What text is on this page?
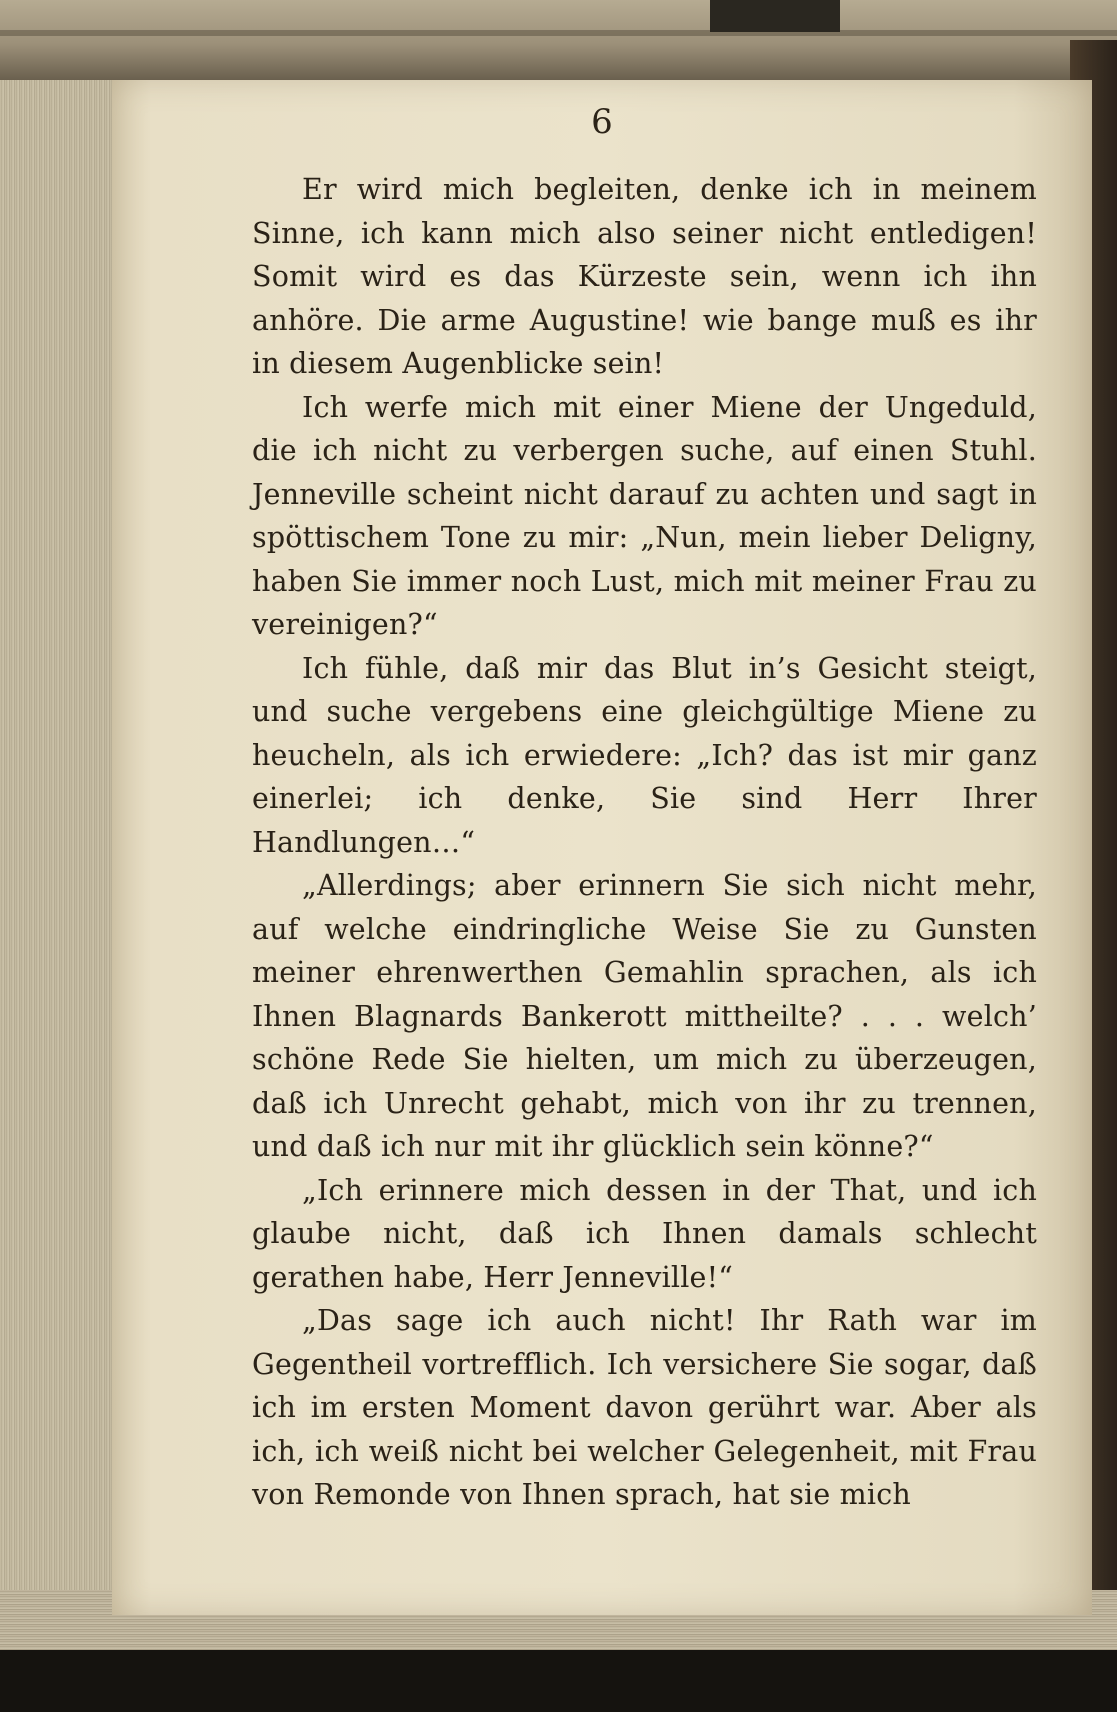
6

Er wird mich begleiten, denke ich in meinem Sinne, ich kann mich also seiner nicht entledigen! Somit wird es das Kürzeste sein, wenn ich ihn anhöre. Die arme Augustine! wie bange muß es ihr in diesem Augenblicke sein!

Ich werfe mich mit einer Miene der Ungeduld, die ich nicht zu verbergen suche, auf einen Stuhl. Jenneville scheint nicht darauf zu achten und sagt in spöttischem Tone zu mir: „Nun, mein lieber Deligny, haben Sie immer noch Lust, mich mit meiner Frau zu vereinigen?“

Ich fühle, daß mir das Blut in’s Gesicht steigt, und suche vergebens eine gleichgültige Miene zu heucheln, als ich erwiedere: „Ich? das ist mir ganz einerlei; ich denke, Sie sind Herr Ihrer Handlungen…“

„Allerdings; aber erinnern Sie sich nicht mehr, auf welche eindringliche Weise Sie zu Gunsten meiner ehrenwerthen Gemahlin sprachen, als ich Ihnen Blagnards Bankerott mittheilte? . . . welch’ schöne Rede Sie hielten, um mich zu überzeugen, daß ich Unrecht gehabt, mich von ihr zu trennen, und daß ich nur mit ihr glücklich sein könne?“

„Ich erinnere mich dessen in der That, und ich glaube nicht, daß ich Ihnen damals schlecht gerathen habe, Herr Jenneville!“

„Das sage ich auch nicht! Ihr Rath war im Gegentheil vortrefflich. Ich versichere Sie sogar, daß ich im ersten Moment davon gerührt war. Aber als ich, ich weiß nicht bei welcher Gelegenheit, mit Frau von Remonde von Ihnen sprach, hat sie mich
